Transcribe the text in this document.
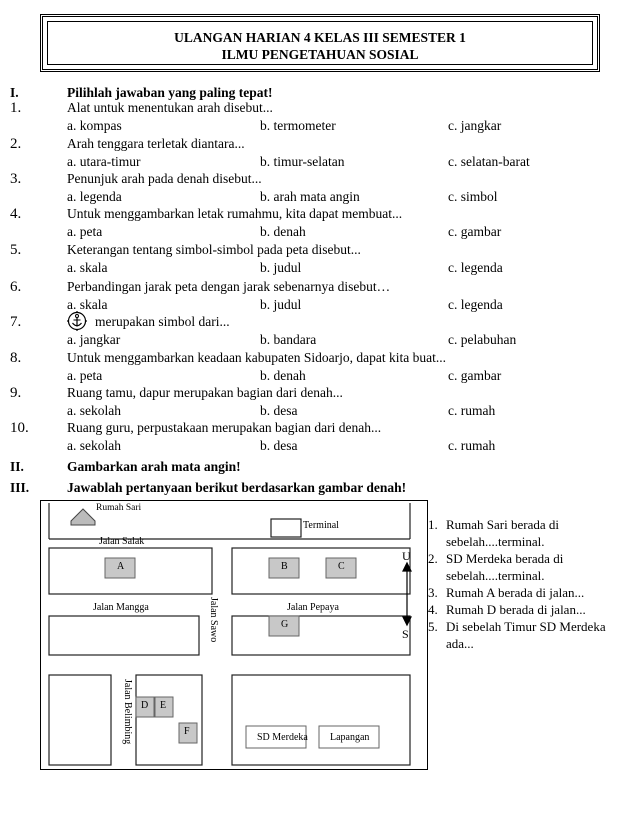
ULANGAN HARIAN 4 KELAS III SEMESTER 1
ILMU PENGETAHUAN SOSIAL
I.	Pilihlah jawaban yang paling tepat!
1.	Alat untuk menentukan arah disebut...
a. kompas	b. termometer	c. jangkar
2.	Arah tenggara terletak diantara...
a. utara-timur	b. timur-selatan	c. selatan-barat
3.	Penunjuk arah pada denah disebut...
a. legenda	b. arah mata angin	c. simbol
4.	Untuk menggambarkan letak rumahmu, kita dapat membuat...
a. peta	b. denah	c. gambar
5.	Keterangan tentang simbol-simbol pada peta disebut...
a. skala	b. judul	c. legenda
6.	Perbandingan jarak peta dengan jarak sebenarnya disebut…
a. skala	b. judul	c. legenda
7.	merupakan simbol dari...
a. jangkar	b. bandara	c. pelabuhan
8.	Untuk menggambarkan keadaan kabupaten Sidoarjo, dapat kita buat...
a. peta	b. denah	c. gambar
9.	Ruang tamu, dapur merupakan bagian dari denah...
a. sekolah	b. desa	c. rumah
10.	Ruang guru, perpustakaan merupakan bagian dari denah...
a. sekolah	b. desa	c. rumah
II.	Gambarkan arah mata angin!
III.	Jawablah pertanyaan berikut berdasarkan gambar denah!
Rumah Sari
Terminal
Jalan Salak
Jalan Mangga	Jalan Sawo	Jalan Pepaya
Jalan Belimbing	SD Merdeka Lapangan
A	B	C
G
D E
F
U
S
1. Rumah Sari berada di sebelah....terminal.
2. SD Merdeka berada di sebelah....terminal.
3. Rumah A berada di jalan...
4. Rumah D berada di jalan...
5. Di sebelah Timur SD Merdeka ada...
